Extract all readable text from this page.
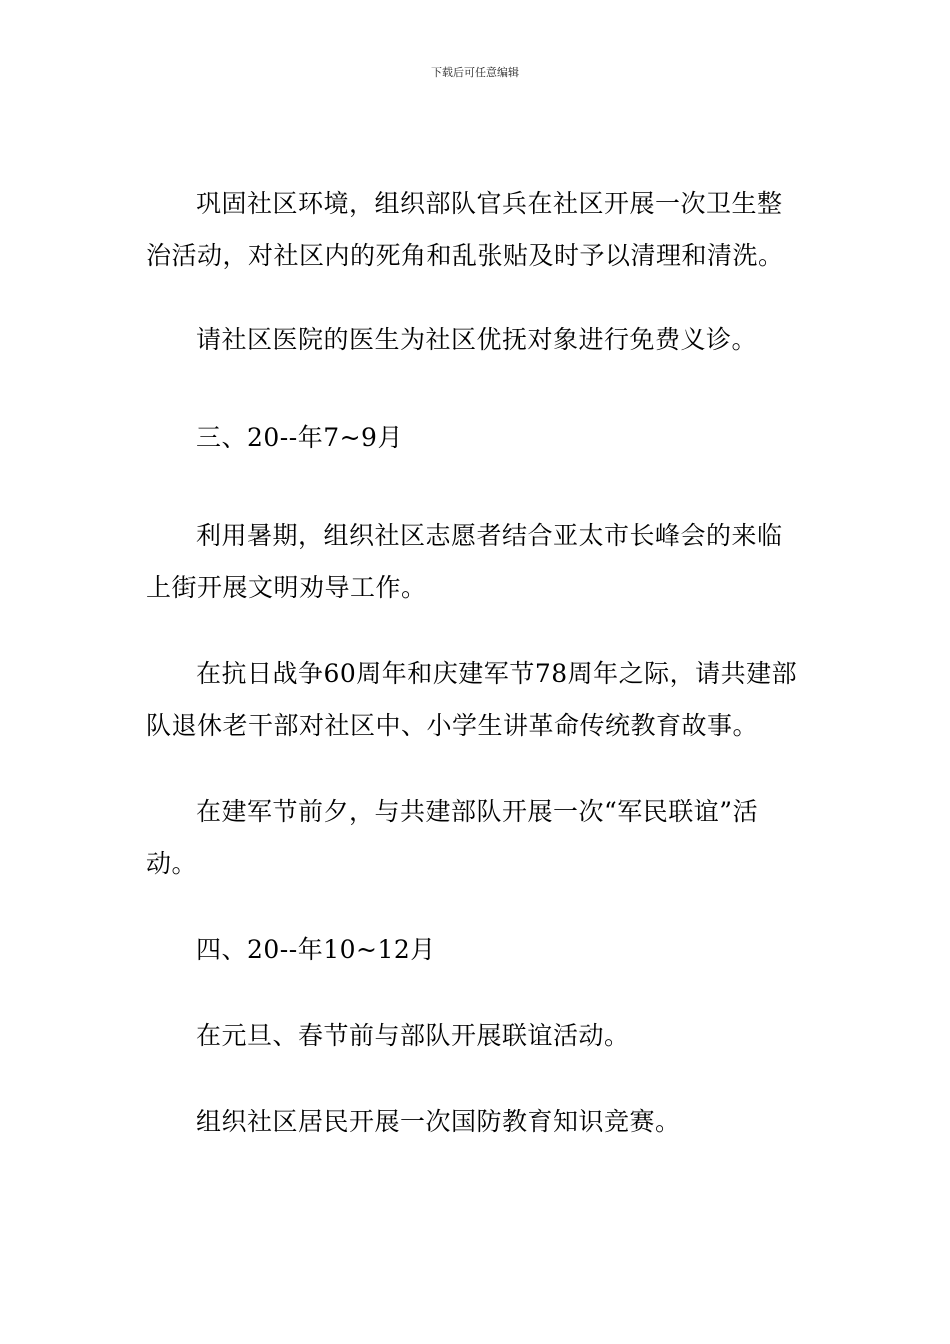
下载后可任意编辑

巩固社区环境，组织部队官兵在社区开展一次卫生整治活动，对社区内的死角和乱张贴及时予以清理和清洗。

请社区医院的医生为社区优抚对象进行免费义诊。

三、20--年7~9月

利用暑期，组织社区志愿者结合亚太市长峰会的来临上街开展文明劝导工作。

在抗日战争60周年和庆建军节78周年之际，请共建部队退休老干部对社区中、小学生讲革命传统教育故事。

在建军节前夕，与共建部队开展一次“军民联谊”活动。

四、20--年10~12月

在元旦、春节前与部队开展联谊活动。

组织社区居民开展一次国防教育知识竞赛。
